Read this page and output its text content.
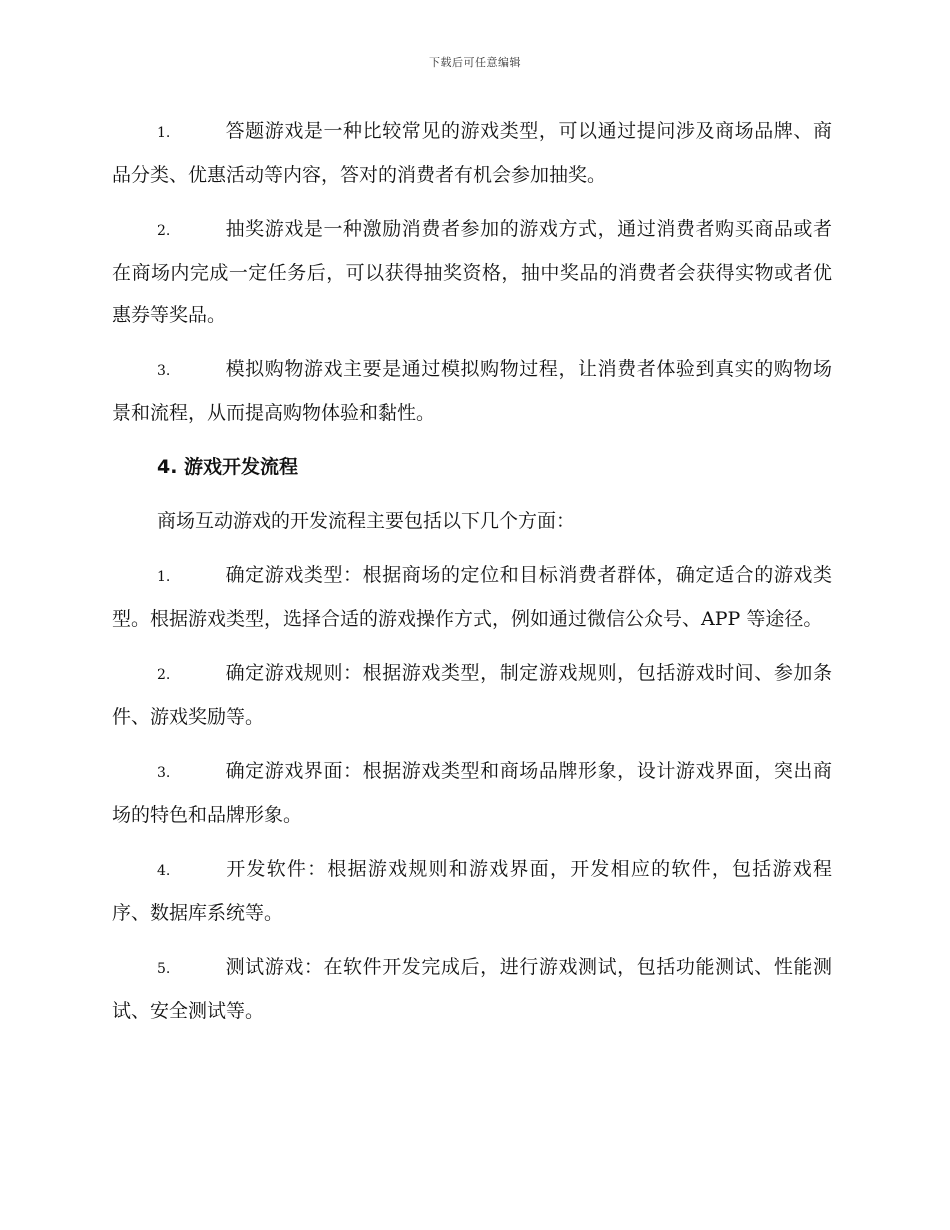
下载后可任意编辑

1.	答题游戏是一种比较常见的游戏类型，可以通过提问涉及商场品牌、商品分类、优惠活动等内容，答对的消费者有机会参加抽奖。

2.	抽奖游戏是一种激励消费者参加的游戏方式，通过消费者购买商品或者在商场内完成一定任务后，可以获得抽奖资格，抽中奖品的消费者会获得实物或者优惠券等奖品。

3.	模拟购物游戏主要是通过模拟购物过程，让消费者体验到真实的购物场景和流程，从而提高购物体验和黏性。

4. 游戏开发流程

商场互动游戏的开发流程主要包括以下几个方面：

1.	确定游戏类型：根据商场的定位和目标消费者群体，确定适合的游戏类型。根据游戏类型，选择合适的游戏操作方式，例如通过微信公众号、APP 等途径。

2.	确定游戏规则：根据游戏类型，制定游戏规则，包括游戏时间、参加条件、游戏奖励等。

3.	确定游戏界面：根据游戏类型和商场品牌形象，设计游戏界面，突出商场的特色和品牌形象。

4.	开发软件：根据游戏规则和游戏界面，开发相应的软件，包括游戏程序、数据库系统等。

5.	测试游戏：在软件开发完成后，进行游戏测试，包括功能测试、性能测试、安全测试等。
